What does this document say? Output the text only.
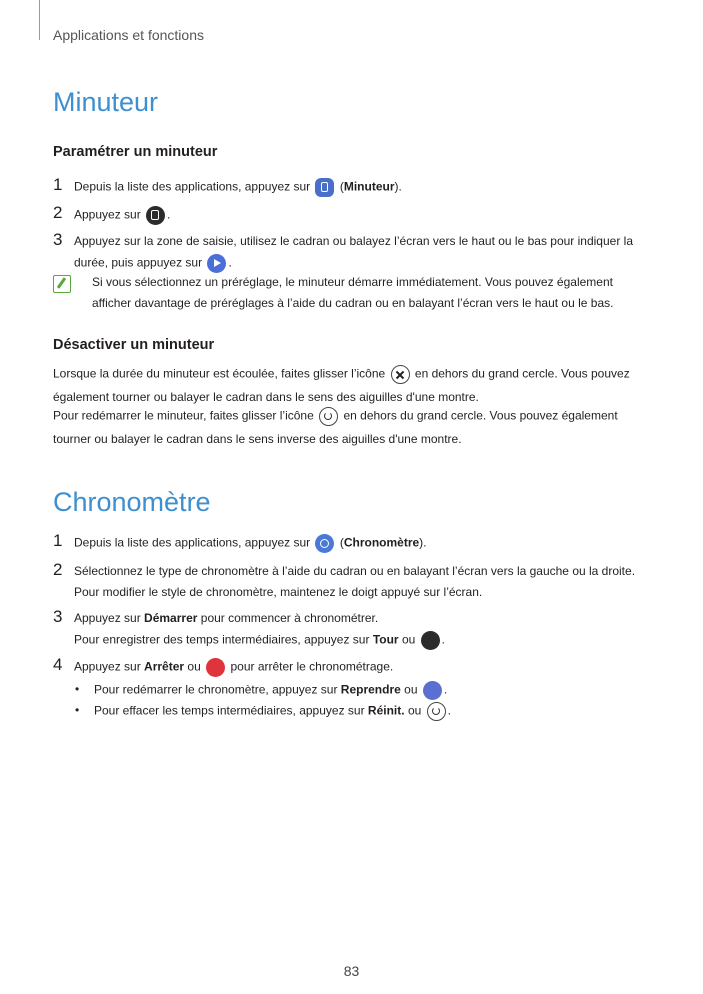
Applications et fonctions
Minuteur
Paramétrer un minuteur
1 Depuis la liste des applications, appuyez sur (Minuteur).
2 Appuyez sur .
3 Appuyez sur la zone de saisie, utilisez le cadran ou balayez l’écran vers le haut ou le bas pour indiquer la
durée, puis appuyez sur .
Si vous sélectionnez un préréglage, le minuteur démarre immédiatement. Vous pouvez également
afficher davantage de préréglages à l’aide du cadran ou en balayant l’écran vers le haut ou le bas.
Désactiver un minuteur
Lorsque la durée du minuteur est écoulée, faites glisser l’icône en dehors du grand cercle. Vous pouvez
également tourner ou balayer le cadran dans le sens des aiguilles d'une montre.
Pour redémarrer le minuteur, faites glisser l’icône en dehors du grand cercle. Vous pouvez également
tourner ou balayer le cadran dans le sens inverse des aiguilles d'une montre.
Chronomètre
1 Depuis la liste des applications, appuyez sur (Chronomètre).
2 Sélectionnez le type de chronomètre à l’aide du cadran ou en balayant l’écran vers la gauche ou la droite.
Pour modifier le style de chronomètre, maintenez le doigt appuyé sur l’écran.
3 Appuyez sur Démarrer pour commencer à chronométrer.
Pour enregistrer des temps intermédiaires, appuyez sur Tour ou .
4 Appuyez sur Arrêter ou pour arrêter le chronométrage.
• Pour redémarrer le chronomètre, appuyez sur Reprendre ou .
• Pour effacer les temps intermédiaires, appuyez sur Réinit. ou .
83
